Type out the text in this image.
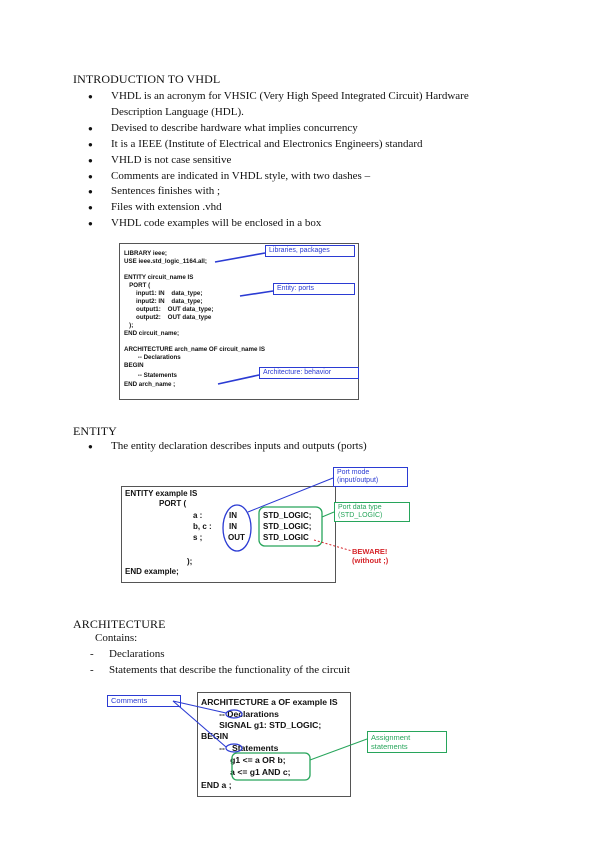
INTRODUCTION TO VHDL
● VHDL is an acronym for VHSIC (Very High Speed Integrated Circuit) Hardware Description Language (HDL).
● Devised to describe hardware what implies concurrency
● It is a IEEE (Institute of Electrical and Electronics Engineers) standard
● VHLD is not case sensitive
● Comments are indicated in VHDL style, with two dashes –
● Sentences finishes with ;
● Files with extension .vhd
● VHDL code examples will be enclosed in a box
LIBRARY ieee;
USE ieee.std_logic_1164.all;
ENTITY circuit_name IS
PORT (
input1: IN    data_type;
input2: IN    data_type;
output1:    OUT data_type;
output2:    OUT data_type
);
END circuit_name;
ARCHITECTURE arch_name OF circuit_name IS
-- Declarations
BEGIN
-- Statements
END arch_name ;
Libraries, packages
Entity: ports
Architecture: behavior
ENTITY
● The entity declaration describes inputs and outputs (ports)
ENTITY example IS
PORT (
a :
b, c :
s ;
IN
IN
OUT
STD_LOGIC;
STD_LOGIC;
STD_LOGIC
);
END example;
Port mode
(input/output)
Port data type
(STD_LOGIC)
BEWARE!
(without ;)
ARCHITECTURE
Contains:
- Declarations
- Statements that describe the functionality of the circuit
ARCHITECTURE a OF example IS
-- Declarations
SIGNAL g1: STD_LOGIC;
BEGIN
--   Statements
g1 <= a OR b;
a <= g1 AND c;
END a ;
Comments
Assignment
statements
